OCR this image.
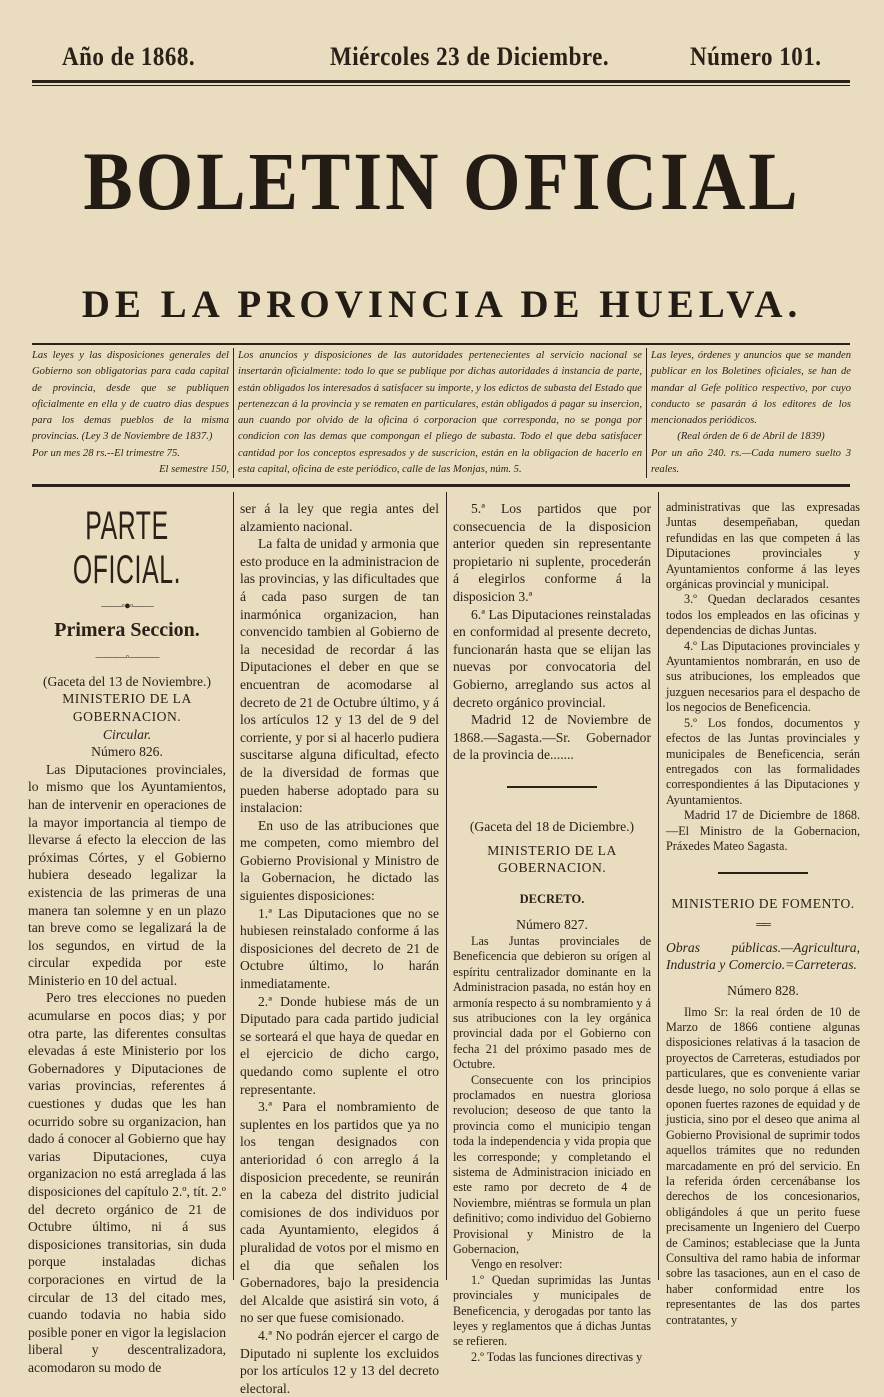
Año de 1868.	Miércoles 23 de Diciembre.	Número 101.
BOLETIN OFICIAL
DE LA PROVINCIA DE HUELVA.
Las leyes y las disposiciones generales del Gobierno son obligatorias para cada capital de provincia, desde que se publiquen oficialmente en ella y de cuatro dias despues para los demas pueblos de la misma provincias. (Ley 3 de Noviembre de 1837.)
Por un mes 28 rs.--El trimestre 75.
El semestre 150,
Los anuncios y disposiciones de las autoridades pertenecientes al servicio nacional se insertarán oficialmente: todo lo que se publique por dichas autoridades á instancia de parte, están obligados los interesados á satisfacer su importe, y los edictos de subasta del Estado que pertenezcan á la provincia y se rematen en particulares, están obligados á pagar su insercion, aun cuando por olvido de la oficina ó corporacion que corresponda, no se ponga por condicion con las demas que compongan el pliego de subasta. Todo el que deba satisfacer cantidad por los conceptos espresados y de suscricion, están en la obligacion de hacerlo en esta capital, oficina de este periódico, calle de las Monjas, núm. 5.
Las leyes, órdenes y anuncios que se manden publicar en los Boletines oficiales, se han de mandar al Gefe político respectivo, por cuyo conducto se pasarán á los editores de los mencionados periódicos.
(Real órden de 6 de Abril de 1839)
Por un año 240. rs.—Cada numero suelto 3 reales.
PARTE OFICIAL.
——◦●◦——
Primera Seccion.
———◦———

(Gaceta del 13 de Noviembre.)

MINISTERIO DE LA GOBERNACION.

Circular.

Número 826.

Las Diputaciones provinciales, lo mismo que los Ayuntamientos, han de intervenir en operaciones de la mayor importancia al tiempo de llevarse á efecto la eleccion de las próximas Córtes, y el Gobierno hubiera deseado legalizar la existencia de las primeras de una manera tan solemne y en un plazo tan breve como se legalizará la de los segundos, en virtud de la circular expedida por este Ministerio en 10 del actual.

Pero tres elecciones no pueden acumularse en pocos dias; y por otra parte, las diferentes consultas elevadas á este Ministerio por los Gobernadores y Diputaciones de varias provincias, referentes á cuestiones y dudas que les han ocurrido sobre su organizacion, han dado á conocer al Gobierno que hay varias Diputaciones, cuya organizacion no está arreglada á las disposiciones del capítulo 2.º, tít. 2.º del decreto orgánico de 21 de Octubre último, ni á sus disposiciones transitorias, sin duda porque instaladas dichas corporaciones en virtud de la circular de 13 del citado mes, cuando todavia no habia sido posible poner en vigor la legislacion liberal y descentralizadora, acomodaron su modo de

ser á la ley que regia antes del alzamiento nacional.

La falta de unidad y armonia que esto produce en la administracion de las provincias, y las dificultades que á cada paso surgen de tan inarmónica organizacion, han convencido tambien al Gobierno de la necesidad de recordar á las Diputaciones el deber en que se encuentran de acomodarse al decreto de 21 de Octubre último, y á los artículos 12 y 13 del de 9 del corriente, y por si al hacerlo pudiera suscitarse alguna dificultad, efecto de la diversidad de formas que pueden haberse adoptado para su instalacion:

En uso de las atribuciones que me competen, como miembro del Gobierno Provisional y Ministro de la Gobernacion, he dictado las siguientes disposiciones:

1.ª Las Diputaciones que no se hubiesen reinstalado conforme á las disposiciones del decreto de 21 de Octubre último, lo harán inmediatamente.

2.ª Donde hubiese más de un Diputado para cada partido judicial se sorteará el que haya de quedar en el ejercicio de dicho cargo, quedando como suplente el otro representante.

3.ª Para el nombramiento de suplentes en los partidos que ya no los tengan designados con anterioridad ó con arreglo á la disposicion precedente, se reunirán en la cabeza del distrito judicial comisiones de dos individuos por cada Ayuntamiento, elegidos á pluralidad de votos por el mismo en el dia que señalen los Gobernadores, bajo la presidencia del Alcalde que asistirá sin voto, á no ser que fuese comisionado.

4.ª No podrán ejercer el cargo de Diputado ni suplente los excluidos por los artículos 12 y 13 del decreto electoral.

5.ª Los partidos que por consecuencia de la disposicion anterior queden sin representante propietario ni suplente, procederán á elegirlos conforme á la disposicion 3.ª

6.ª Las Diputaciones reinstaladas en conformidad al presente decreto, funcionarán hasta que se elijan las nuevas por convocatoria del Gobierno, arreglando sus actos al decreto orgánico provincial.

Madrid 12 de Noviembre de 1868.—Sagasta.—Sr. Gobernador de la provincia de.......

(Gaceta del 18 de Diciembre.)

MINISTERIO DE LA GOBERNACION.

DECRETO.

Número 827.

Las Juntas provinciales de Beneficencia que debieron su orígen al espíritu centralizador dominante en la Administracion pasada, no están hoy en armonía respecto á su nombramiento y á sus atribuciones con la ley orgánica provincial dada por el Gobierno con fecha 21 del próximo pasado mes de Octubre.

Consecuente con los principios proclamados en nuestra gloriosa revolucion; deseoso de que tanto la provincia como el municipio tengan toda la independencia y vida propia que les corresponde; y completando el sistema de Administracion iniciado en este ramo por decreto de 4 de Noviembre, miéntras se formula un plan definitivo; como individuo del Gobierno Provisional y Ministro de la Gobernacion,

Vengo en resolver:

1.º Quedan suprimidas las Juntas provinciales y municipales de Beneficencia, y derogadas por tanto las leyes y reglamentos que á dichas Juntas se refieren.

2.º Todas las funciones directivas y

administrativas que las expresadas Juntas desempeñaban, quedan refundidas en las que competen á las Diputaciones provinciales y Ayuntamientos conforme á las leyes orgánicas provincial y municipal.

3.º Quedan declarados cesantes todos los empleados en las oficinas y dependencias de dichas Juntas.

4.º Las Diputaciones provinciales y Ayuntamientos nombrarán, en uso de sus atribuciones, los empleados que juzguen necesarios para el despacho de los negocios de Beneficencia.

5.º Los fondos, documentos y efectos de las Juntas provinciales y municipales de Beneficencia, serán entregados con las formalidades correspondientes á las Diputaciones y Ayuntamientos.

Madrid 17 de Diciembre de 1868. —El Ministro de la Gobernacion, Práxedes Mateo Sagasta.

MINISTERIO DE FOMENTO.

══

Obras públicas.—Agricultura, Industria y Comercio.=Carreteras.

Número 828.

Ilmo Sr: la real órden de 10 de Marzo de 1866 contiene algunas disposiciones relativas á la tasacion de proyectos de Carreteras, estudiados por particulares, que es conveniente variar desde luego, no solo porque á ellas se oponen fuertes razones de equidad y de justicia, sino por el deseo que anima al Gobierno Provisional de suprimir todos aquellos trámites que no redunden marcadamente en pró del servicio. En la referida órden cercenábanse los derechos de los concesionarios, obligándoles á que un perito fuese precisamente un Ingeniero del Cuerpo de Caminos; estableciase que la Junta Consultiva del ramo habia de informar sobre las tasaciones, aun en el caso de haber conformidad entre los representantes de las dos partes contratantes, y
